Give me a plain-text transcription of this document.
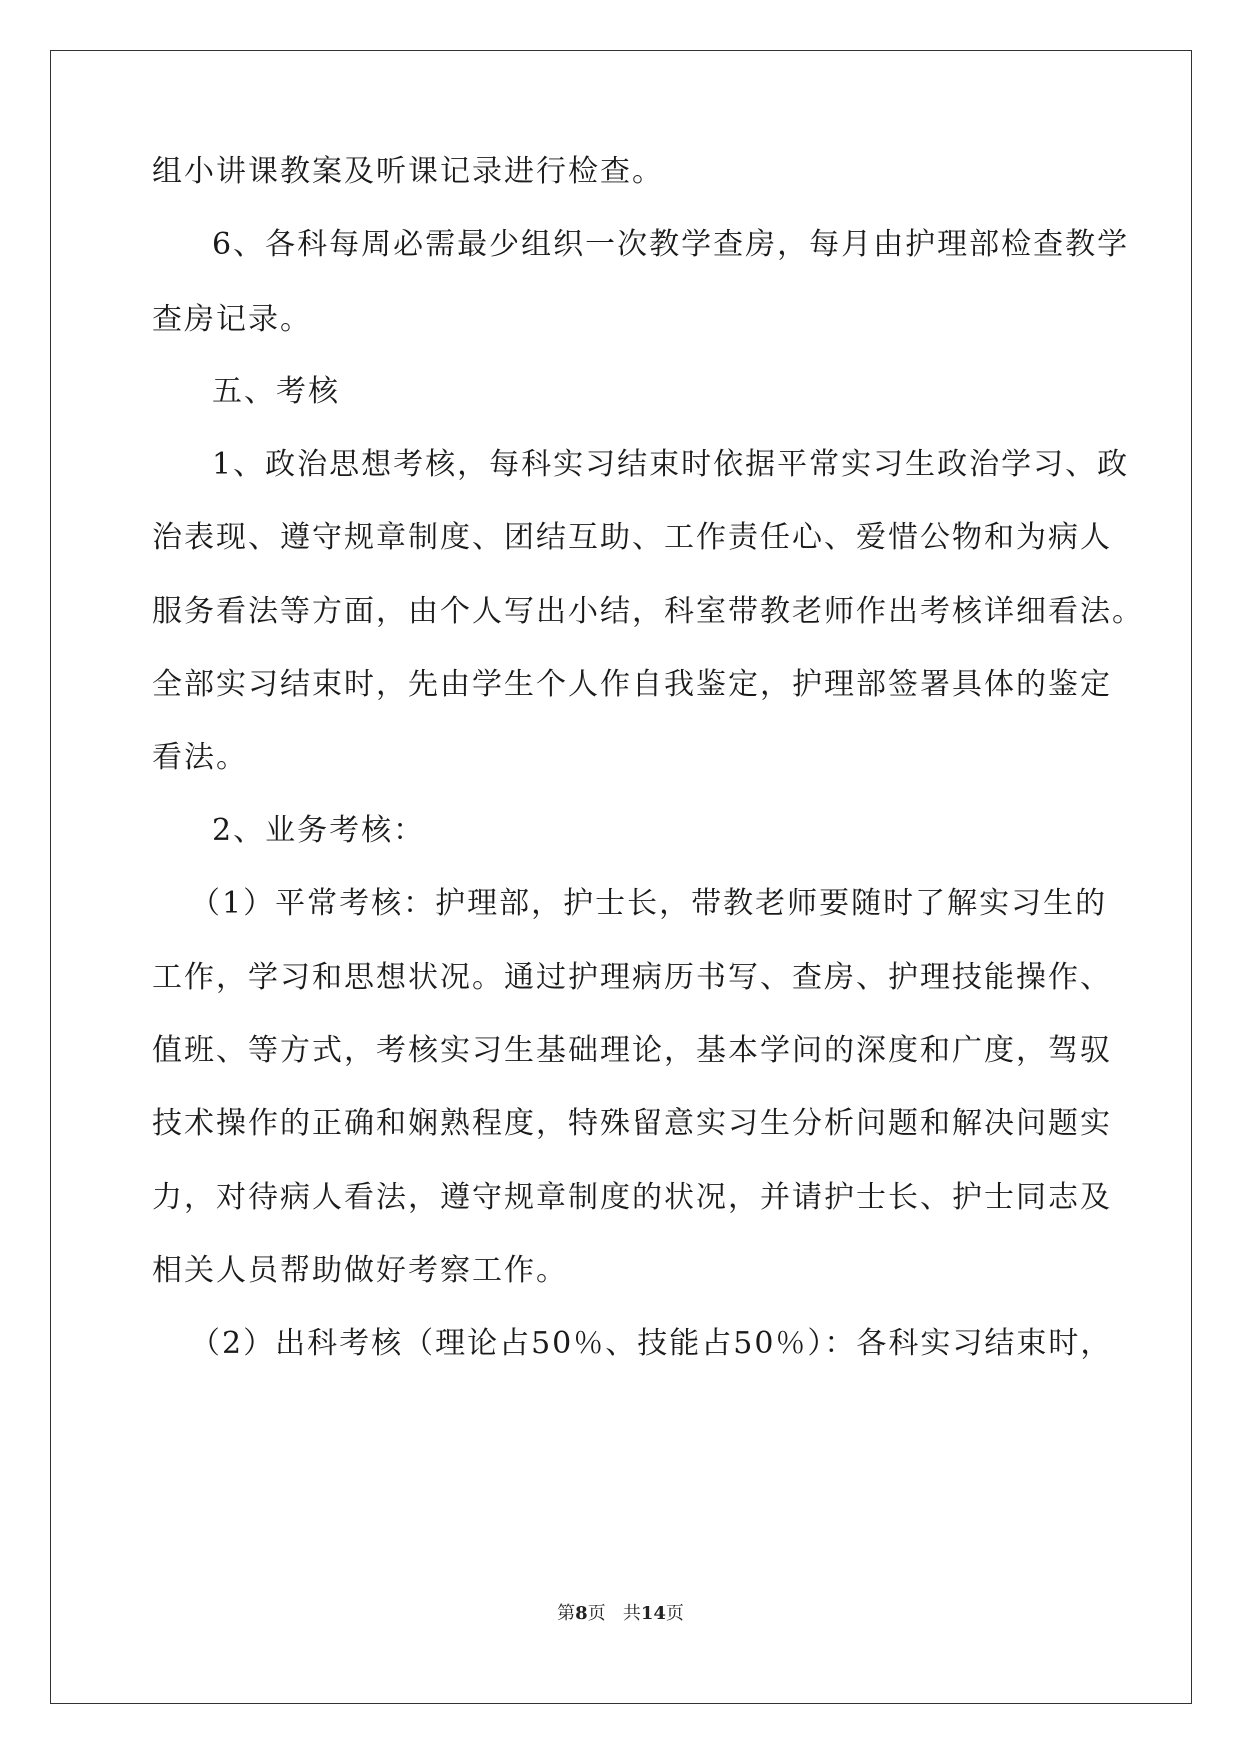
组小讲课教案及听课记录进行检查。
6、各科每周必需最少组织一次教学查房，每月由护理部检查教学
查房记录。
五、考核
1、政治思想考核，每科实习结束时依据平常实习生政治学习、政
治表现、遵守规章制度、团结互助、工作责任心、爱惜公物和为病人
服务看法等方面，由个人写出小结，科室带教老师作出考核详细看法。
全部实习结束时，先由学生个人作自我鉴定，护理部签署具体的鉴定
看法。
2、业务考核：
（1）平常考核：护理部，护士长，带教老师要随时了解实习生的
工作，学习和思想状况。通过护理病历书写、查房、护理技能操作、
值班、等方式，考核实习生基础理论，基本学问的深度和广度，驾驭
技术操作的正确和娴熟程度，特殊留意实习生分析问题和解决问题实
力，对待病人看法，遵守规章制度的状况，并请护士长、护士同志及
相关人员帮助做好考察工作。
（2）出科考核（理论占50％、技能占50％）：各科实习结束时，
第8页 共14页
